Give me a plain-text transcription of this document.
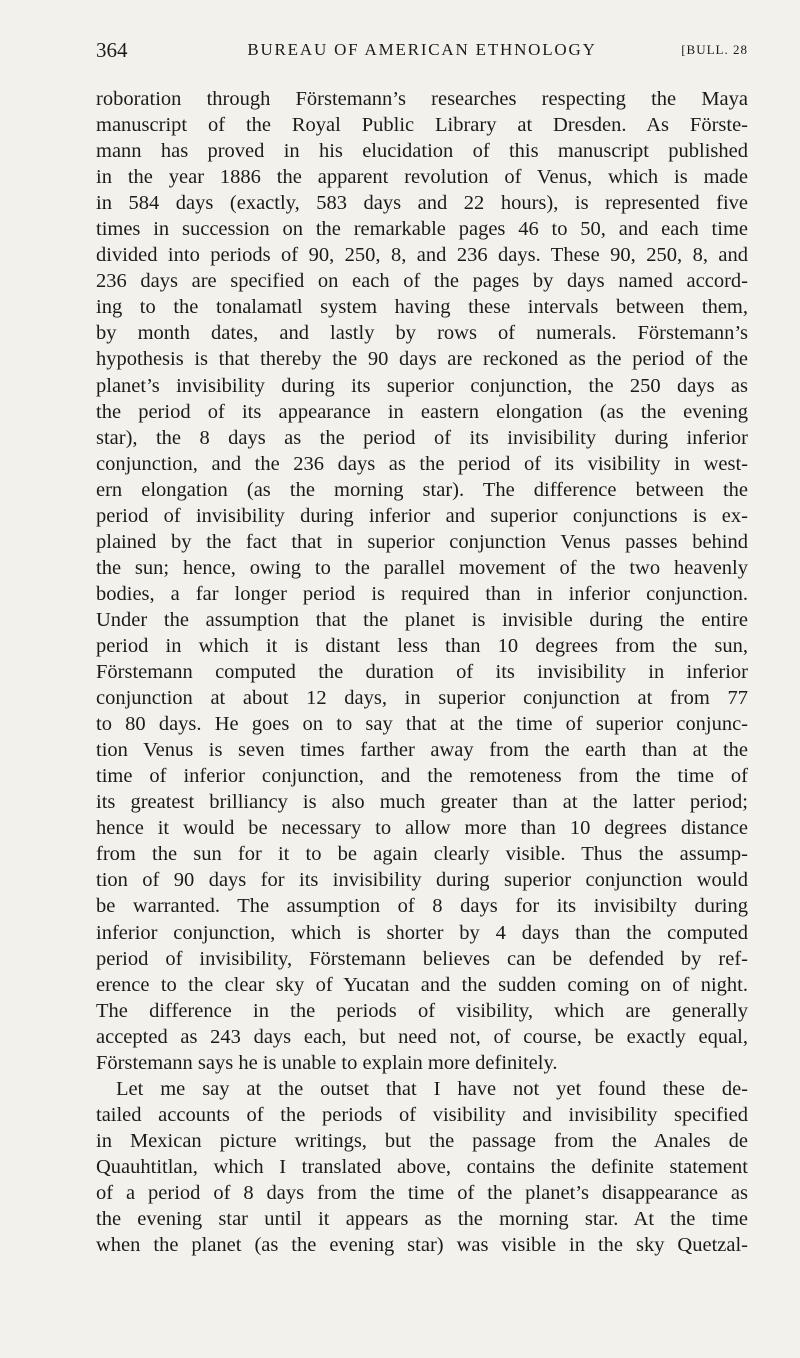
364	BUREAU OF AMERICAN ETHNOLOGY	[BULL. 28
roboration through Förstemann’s researches respecting the Maya
manuscript of the Royal Public Library at Dresden. As Förste-
mann has proved in his elucidation of this manuscript published
in the year 1886 the apparent revolution of Venus, which is made
in 584 days (exactly, 583 days and 22 hours), is represented five
times in succession on the remarkable pages 46 to 50, and each time
divided into periods of 90, 250, 8, and 236 days. These 90, 250, 8, and
236 days are specified on each of the pages by days named accord-
ing to the tonalamatl system having these intervals between them,
by month dates, and lastly by rows of numerals. Förstemann’s
hypothesis is that thereby the 90 days are reckoned as the period of the
planet’s invisibility during its superior conjunction, the 250 days as
the period of its appearance in eastern elongation (as the evening
star), the 8 days as the period of its invisibility during inferior
conjunction, and the 236 days as the period of its visibility in west-
ern elongation (as the morning star). The difference between the
period of invisibility during inferior and superior conjunctions is ex-
plained by the fact that in superior conjunction Venus passes behind
the sun; hence, owing to the parallel movement of the two heavenly
bodies, a far longer period is required than in inferior conjunction.
Under the assumption that the planet is invisible during the entire
period in which it is distant less than 10 degrees from the sun,
Förstemann computed the duration of its invisibility in inferior
conjunction at about 12 days, in superior conjunction at from 77
to 80 days. He goes on to say that at the time of superior conjunc-
tion Venus is seven times farther away from the earth than at the
time of inferior conjunction, and the remoteness from the time of
its greatest brilliancy is also much greater than at the latter period;
hence it would be necessary to allow more than 10 degrees distance
from the sun for it to be again clearly visible. Thus the assump-
tion of 90 days for its invisibility during superior conjunction would
be warranted. The assumption of 8 days for its invisibilty during
inferior conjunction, which is shorter by 4 days than the computed
period of invisibility, Förstemann believes can be defended by ref-
erence to the clear sky of Yucatan and the sudden coming on of night.
The difference in the periods of visibility, which are generally
accepted as 243 days each, but need not, of course, be exactly equal,
Förstemann says he is unable to explain more definitely.
Let me say at the outset that I have not yet found these de-
tailed accounts of the periods of visibility and invisibility specified
in Mexican picture writings, but the passage from the Anales de
Quauhtitlan, which I translated above, contains the definite statement
of a period of 8 days from the time of the planet’s disappearance as
the evening star until it appears as the morning star. At the time
when the planet (as the evening star) was visible in the sky Quetzal-
